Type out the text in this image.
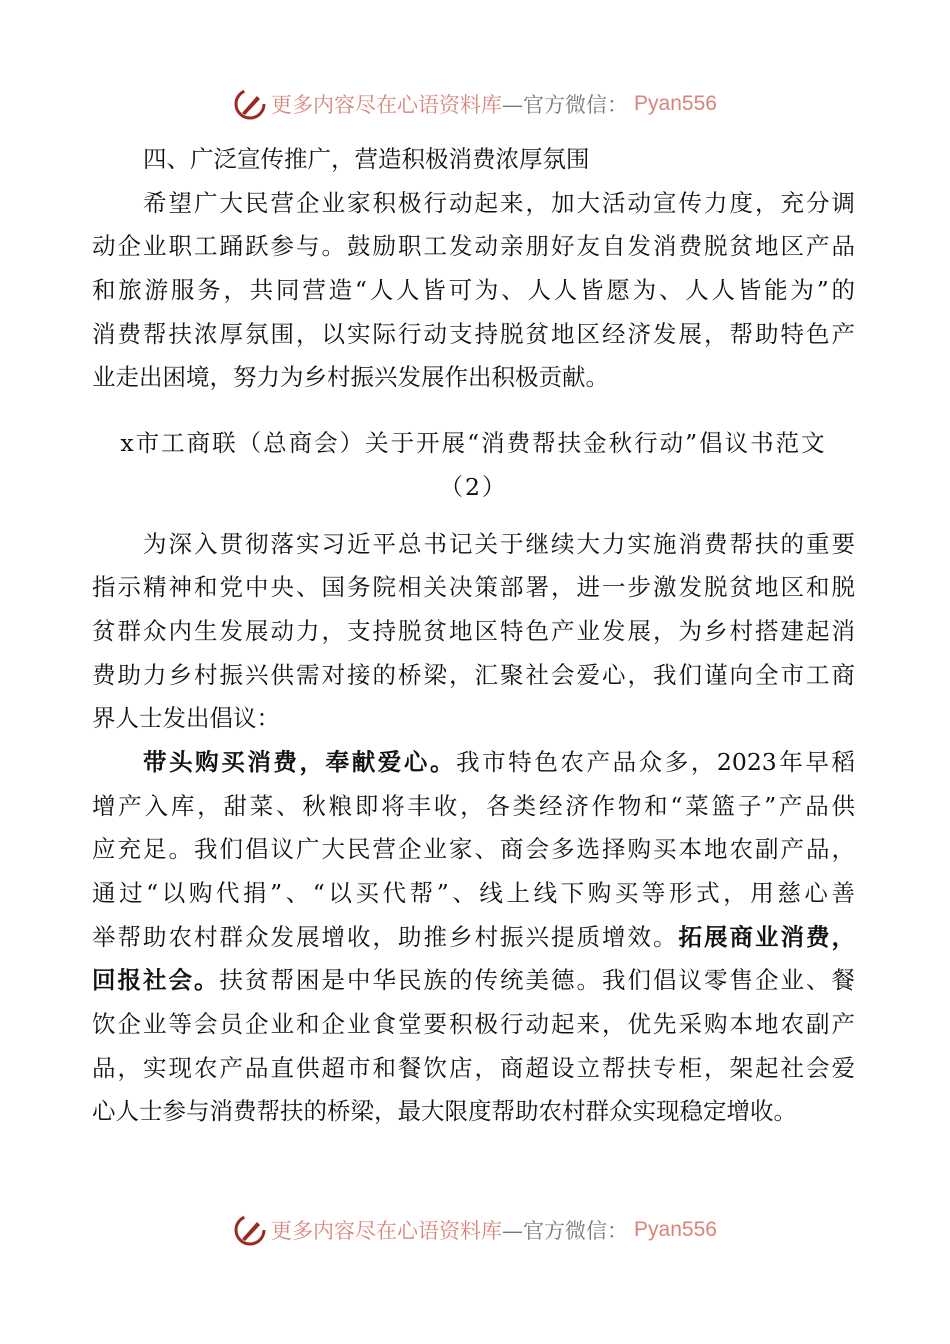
更多内容尽在心语资料库 —官方微信： Pyan556
四、广泛宣传推广，营造积极消费浓厚氛围
希望广大民营企业家积极行动起来，加大活动宣传力度，充分调
动企业职工踊跃参与。鼓励职工发动亲朋好友自发消费脱贫地区产品
和旅游服务，共同营造“人人皆可为、人人皆愿为、人人皆能为”的
消费帮扶浓厚氛围，以实际行动支持脱贫地区经济发展，帮助特色产
业走出困境，努力为乡村振兴发展作出积极贡献。
x市工商联（总商会）关于开展“消费帮扶金秋行动”倡议书范文
（2）
为深入贯彻落实习近平总书记关于继续大力实施消费帮扶的重要
指示精神和党中央、国务院相关决策部署，进一步激发脱贫地区和脱
贫群众内生发展动力，支持脱贫地区特色产业发展，为乡村搭建起消
费助力乡村振兴供需对接的桥梁，汇聚社会爱心，我们谨向全市工商
界人士发出倡议：
带头购买消费，奉献爱心。我市特色农产品众多，2023年早稻
增产入库，甜菜、秋粮即将丰收，各类经济作物和“菜篮子”产品供
应充足。我们倡议广大民营企业家、商会多选择购买本地农副产品，
通过“以购代捐”、“以买代帮”、线上线下购买等形式，用慈心善
举帮助农村群众发展增收，助推乡村振兴提质增效。拓展商业消费，
回报社会。扶贫帮困是中华民族的传统美德。我们倡议零售企业、餐
饮企业等会员企业和企业食堂要积极行动起来，优先采购本地农副产
品，实现农产品直供超市和餐饮店，商超设立帮扶专柜，架起社会爱
心人士参与消费帮扶的桥梁，最大限度帮助农村群众实现稳定增收。
更多内容尽在心语资料库 —官方微信： Pyan556
